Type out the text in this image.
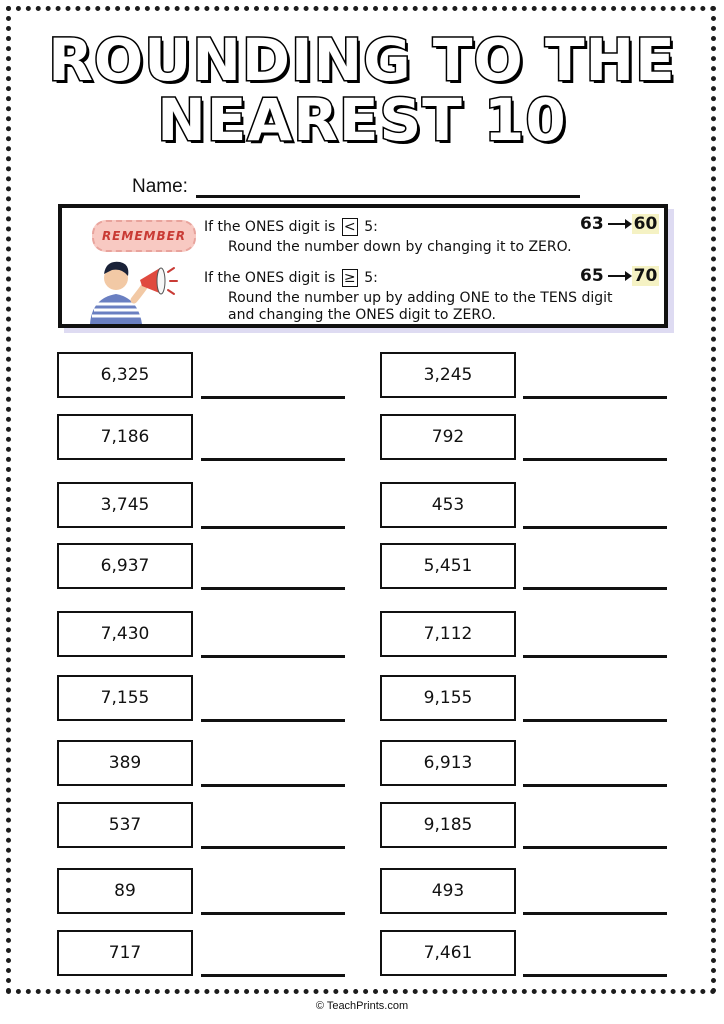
ROUNDING TO THE
NEAREST 10
Name:
REMEMBER
If the ONES digit is < 5:
Round the number down by changing it to ZERO.
63 60
If the ONES digit is ≥ 5:
Round the number up by adding ONE to the TENS digit
and changing the ONES digit to ZERO.
65 70
6,325
7,186
3,745
6,937
7,430
7,155
389
537
89
717
3,245
792
453
5,451
7,112
9,155
6,913
9,185
493
7,461
© TeachPrints.com
